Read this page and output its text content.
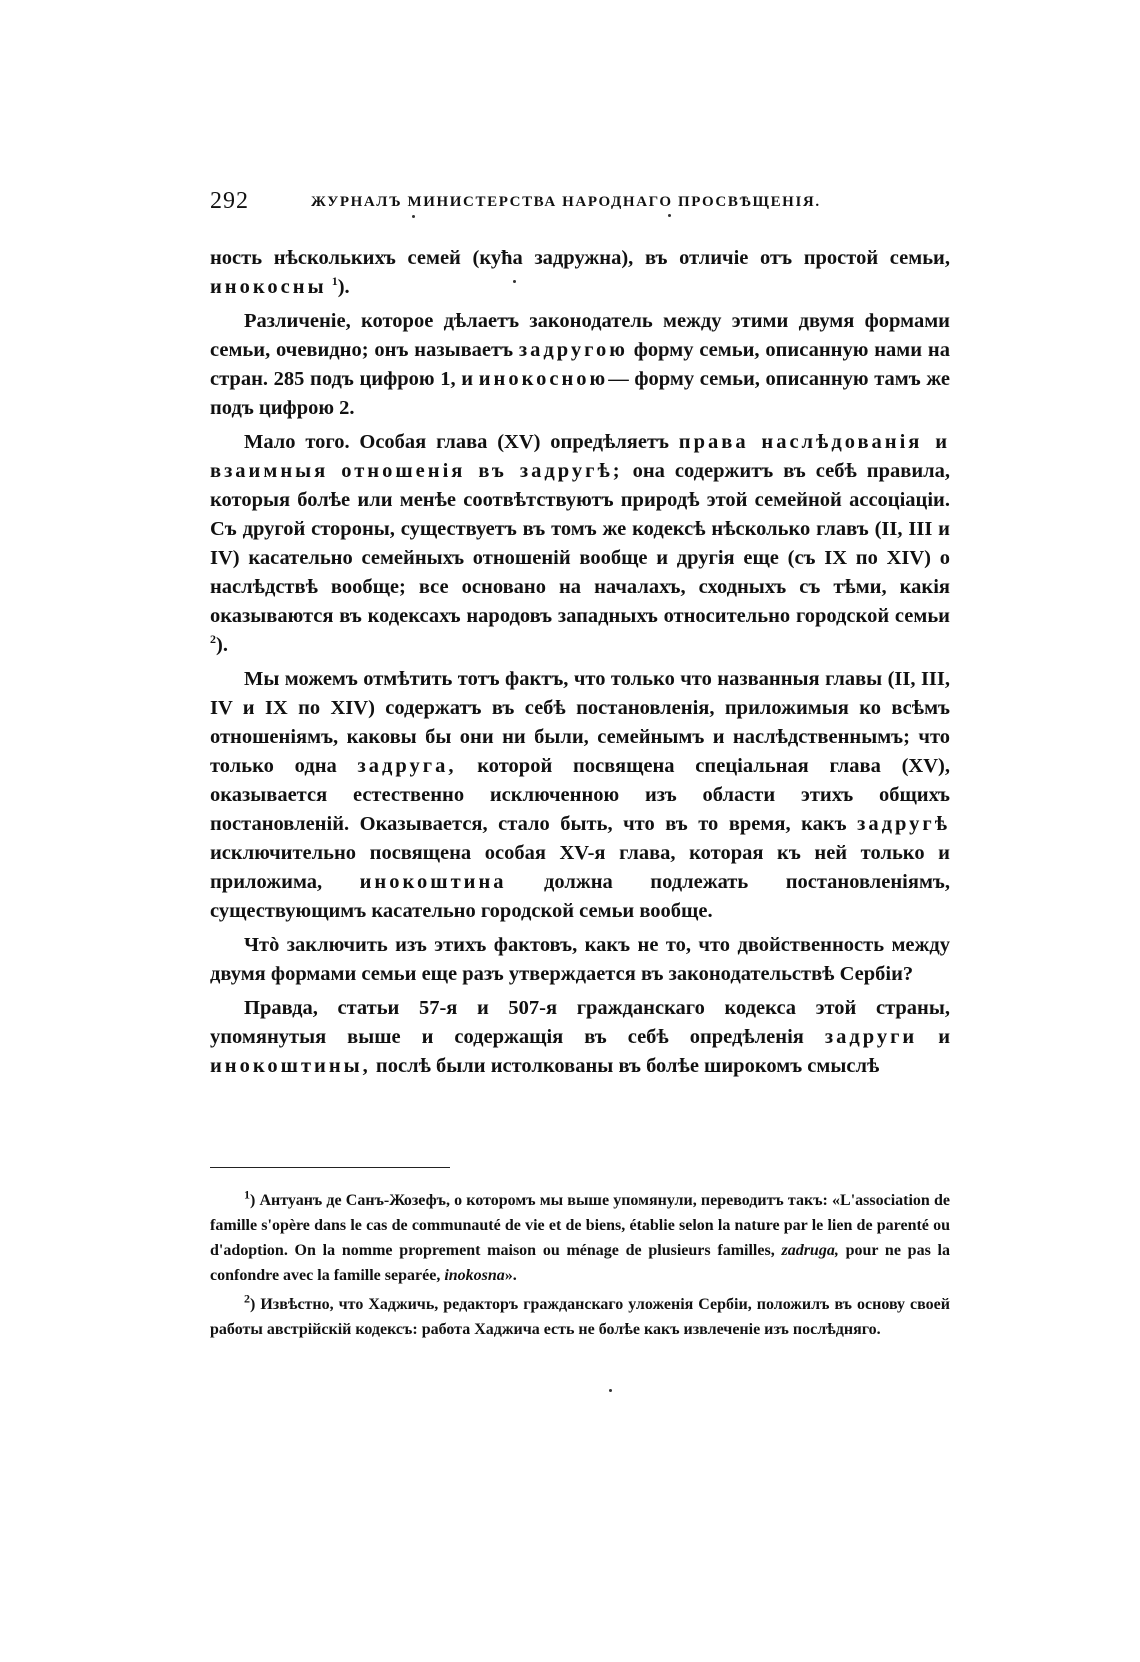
292	ЖУРНАЛЪ МИНИСТЕРСТВА НАРОДНАГО ПРОСВѢЩЕНІЯ.

ность нѣсколькихъ семей (куħа задружна), въ отличіе отъ простой семьи, инокосны $^1$).

Различеніе, которое дѣлаетъ законодатель между этими двумя формами семьи, очевидно; онъ называетъ задругою форму семьи, описанную нами на стран. 285 подъ цифрою 1, и инокосною— форму семьи, описанную тамъ же подъ цифрою 2.

Мало того. Особая глава (XV) опредѣляетъ права наслѣдованія и взаимныя отношенія въ задругѣ; она содержитъ въ себѣ правила, которыя болѣе или менѣе соотвѣтствуютъ природѣ этой семейной ассоціаціи. Съ другой стороны, существуетъ въ томъ же кодексѣ нѣсколько главъ (II, III и IV) касательно семейныхъ отношеній вообще и другія еще (съ IX по XIV) о наслѣдствѣ вообще; все основано на началахъ, сходныхъ съ тѣми, какія оказываются въ кодексахъ народовъ западныхъ относительно городской семьи $^2$).

Мы можемъ отмѣтить тотъ фактъ, что только что названныя главы (II, III, IV и IX по XIV) содержатъ въ себѣ постановленія, приложимыя ко всѣмъ отношеніямъ, каковы бы они ни были, семейнымъ и наслѣдственнымъ; что только одна задруга, которой посвящена спеціальная глава (XV), оказывается естественно исключенною изъ области этихъ общихъ постановленій. Оказывается, стало быть, что въ то время, какъ задругѣ исключительно посвящена особая XV-я глава, которая къ ней только и приложима, инокоштина должна подлежать постановленіямъ, существующимъ касательно городской семьи вообще.

Чтò заключить изъ этихъ фактовъ, какъ не то, что двойственность между двумя формами семьи еще разъ утверждается въ законодательствѣ Сербіи?

Правда, статьи 57-я и 507-я гражданскаго кодекса этой страны, упомянутыя выше и содержащія въ себѣ опредѣленія задруги и инокоштины, послѣ были истолкованы въ болѣе широкомъ смыслѣ

$^1$) Антуанъ де Санъ-Жозефъ, о которомъ мы выше упомянули, переводитъ такъ: «L'association de famille s'opère dans le cas de communauté de vie et de biens, établie selon la nature par le lien de parenté ou d'adoption. On la nomme proprement maison ou ménage de plusieurs familles, zadruga, pour ne pas la confondre avec la famille separée, inokosna».

$^2$) Извѣстно, что Хаджичь, редакторъ гражданскаго уложенія Сербіи, положилъ въ основу своей работы австрійскій кодексъ: работа Хаджича есть не болѣе какъ извлеченіе изъ послѣдняго.
